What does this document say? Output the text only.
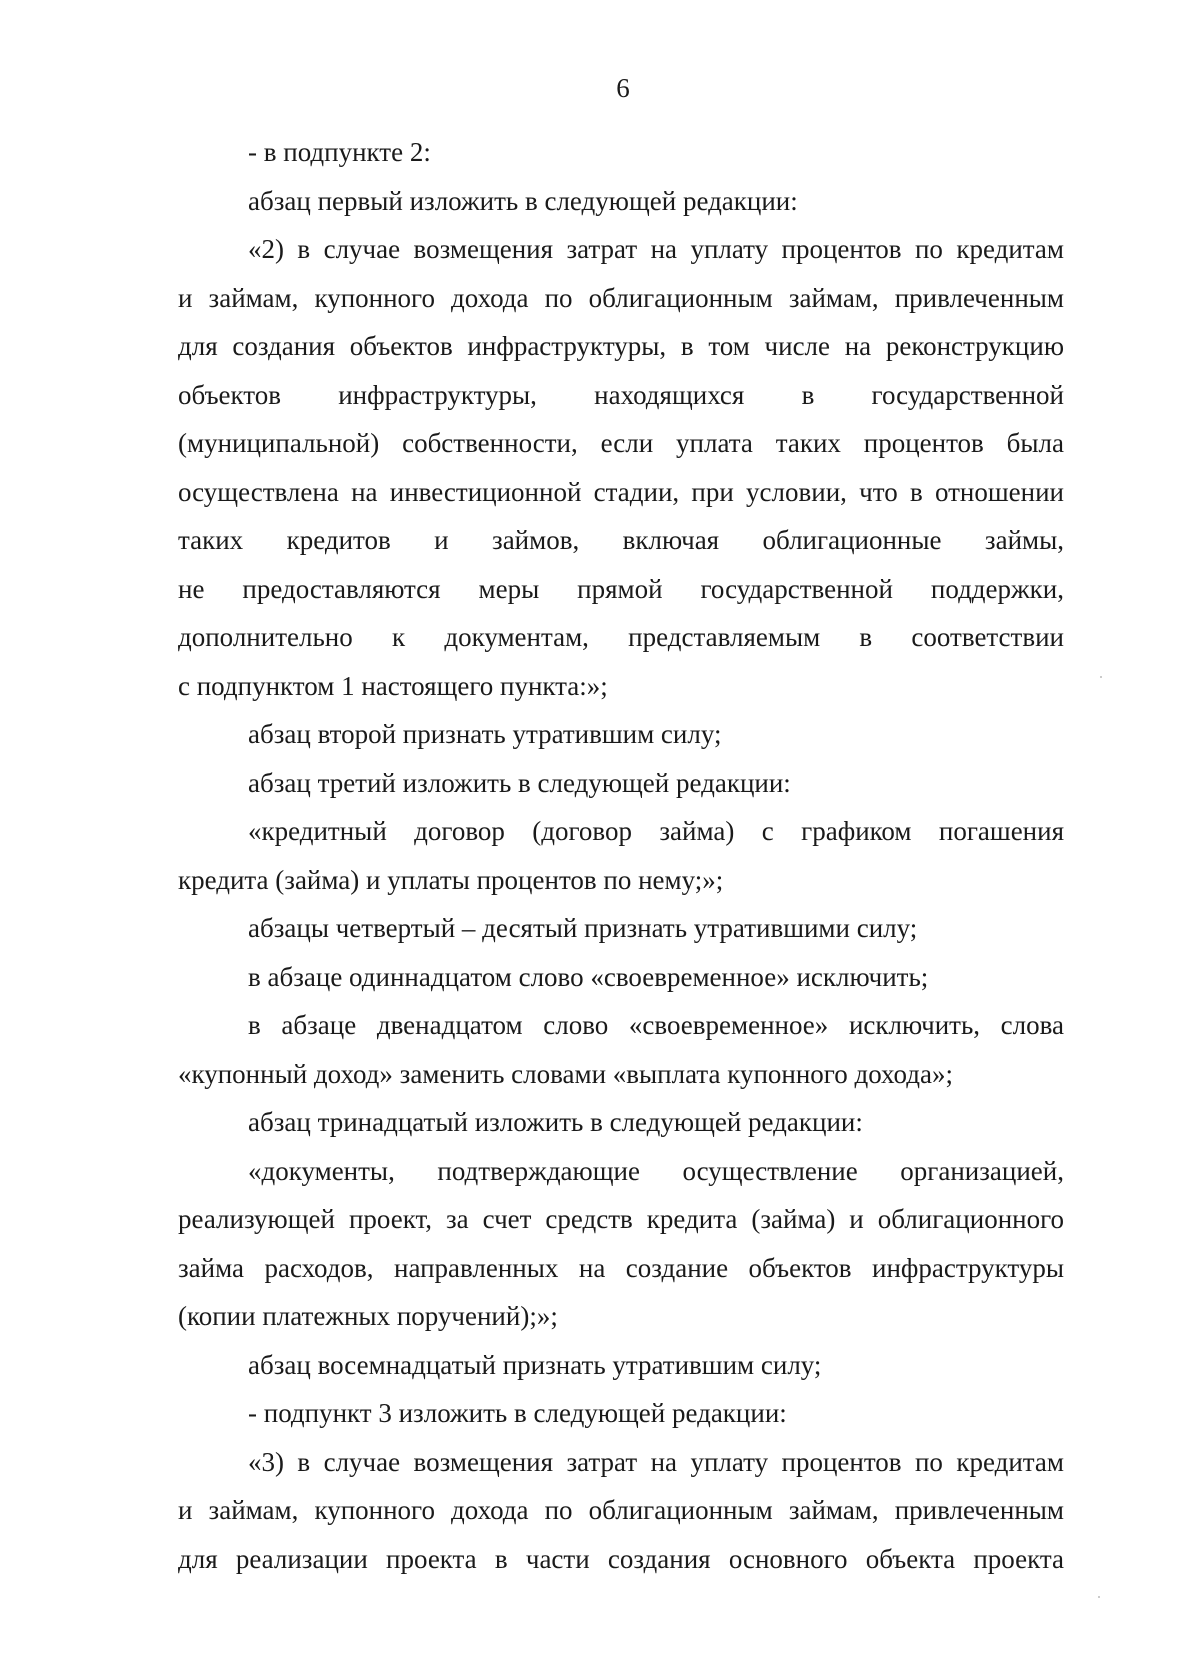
6
- в подпункте 2:
абзац первый изложить в следующей редакции:
«2) в случае возмещения затрат на уплату процентов по кредитам
и займам, купонного дохода по облигационным займам, привлеченным
для создания объектов инфраструктуры, в том числе на реконструкцию
объектов инфраструктуры, находящихся в государственной
(муниципальной) собственности, если уплата таких процентов была
осуществлена на инвестиционной стадии, при условии, что в отношении
таких кредитов и займов, включая облигационные займы,
не предоставляются меры прямой государственной поддержки,
дополнительно к документам, представляемым в соответствии
с подпунктом 1 настоящего пункта:»;
абзац второй признать утратившим силу;
абзац третий изложить в следующей редакции:
«кредитный договор (договор займа) с графиком погашения
кредита (займа) и уплаты процентов по нему;»;
абзацы четвертый – десятый признать утратившими силу;
в абзаце одиннадцатом слово «своевременное» исключить;
в абзаце двенадцатом слово «своевременное» исключить, слова
«купонный доход» заменить словами «выплата купонного дохода»;
абзац тринадцатый изложить в следующей редакции:
«документы, подтверждающие осуществление организацией,
реализующей проект, за счет средств кредита (займа) и облигационного
займа расходов, направленных на создание объектов инфраструктуры
(копии платежных поручений);»;
абзац восемнадцатый признать утратившим силу;
- подпункт 3 изложить в следующей редакции:
«3) в случае возмещения затрат на уплату процентов по кредитам
и займам, купонного дохода по облигационным займам, привлеченным
для реализации проекта в части создания основного объекта проекта
